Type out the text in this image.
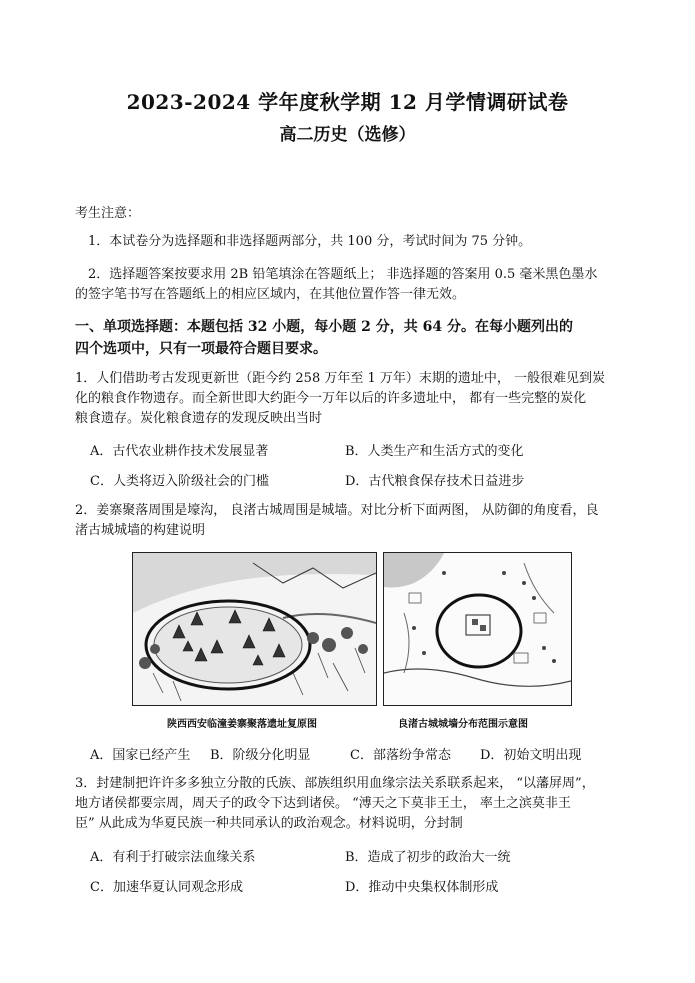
2023-2024 学年度秋学期 12 月学情调研试卷
高二历史（选修）
考生注意：
1．本试卷分为选择题和非选择题两部分，共 100 分，考试时间为 75 分钟。
2．选择题答案按要求用 2B 铅笔填涂在答题纸上； 非选择题的答案用 0.5 毫米黑色墨水
的签字笔书写在答题纸上的相应区域内，在其他位置作答一律无效。
一、单项选择题：本题包括 32 小题，每小题 2 分，共 64 分。在每小题列出的
四个选项中，只有一项最符合题目要求。
1．人们借助考古发现更新世（距今约 258 万年至 1 万年）末期的遗址中， 一般很难见到炭
化的粮食作物遗存。而全新世即大约距今一万年以后的许多遗址中， 都有一些完整的炭化
粮食遗存。炭化粮食遗存的发现反映出当时
A．古代农业耕作技术发展显著	B．人类生产和生活方式的变化
C．人类将迈入阶级社会的门槛	D．古代粮食保存技术日益进步
2．姜寨聚落周围是壕沟， 良渚古城周围是城墙。对比分析下面两图， 从防御的角度看，良
渚古城城墙的构建说明
陕西西安临潼姜寨聚落遗址复原图	良渚古城城墙分布范围示意图
A．国家已经产生 B．阶级分化明显	C．部落纷争常态 D．初始文明出现
3．封建制把许许多多独立分散的氏族、部族组织用血缘宗法关系联系起来， “以藩屏周”，
地方诸侯都要宗周，周天子的政令下达到诸侯。 “溥天之下莫非王土， 率土之滨莫非王
臣” 从此成为华夏民族一种共同承认的政治观念。材料说明，分封制
A．有利于打破宗法血缘关系	B．造成了初步的政治大一统
C．加速华夏认同观念形成	D．推动中央集权体制形成
